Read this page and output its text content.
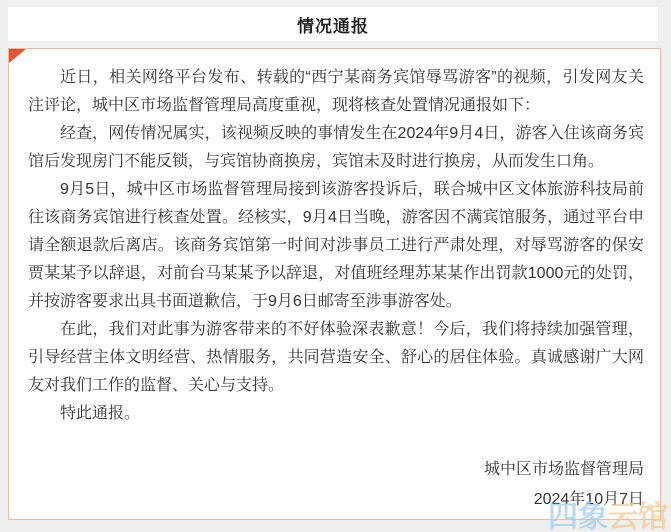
情况通报

近日，相关网络平台发布、转载的“西宁某商务宾馆辱骂游客”的视频，引发网友关注评论，城中区市场监督管理局高度重视，现将核查处置情况通报如下：

经查，网传情况属实，该视频反映的事情发生在2024年9月4日，游客入住该商务宾馆后发现房门不能反锁，与宾馆协商换房，宾馆未及时进行换房，从而发生口角。

9月5日，城中区市场监督管理局接到该游客投诉后，联合城中区文体旅游科技局前往该商务宾馆进行核查处置。经核实，9月4日当晚，游客因不满宾馆服务，通过平台申请全额退款后离店。该商务宾馆第一时间对涉事员工进行严肃处理，对辱骂游客的保安贾某某予以辞退，对前台马某某予以辞退，对值班经理苏某某作出罚款1000元的处罚，并按游客要求出具书面道歉信，于9月6日邮寄至涉事游客处。

在此，我们对此事为游客带来的不好体验深表歉意！今后，我们将持续加强管理，引导经营主体文明经营、热情服务，共同营造安全、舒心的居住体验。真诚感谢广大网友对我们工作的监督、关心与支持。

特此通报。

城中区市场监督管理局
2024年10月7日
四象云馆
